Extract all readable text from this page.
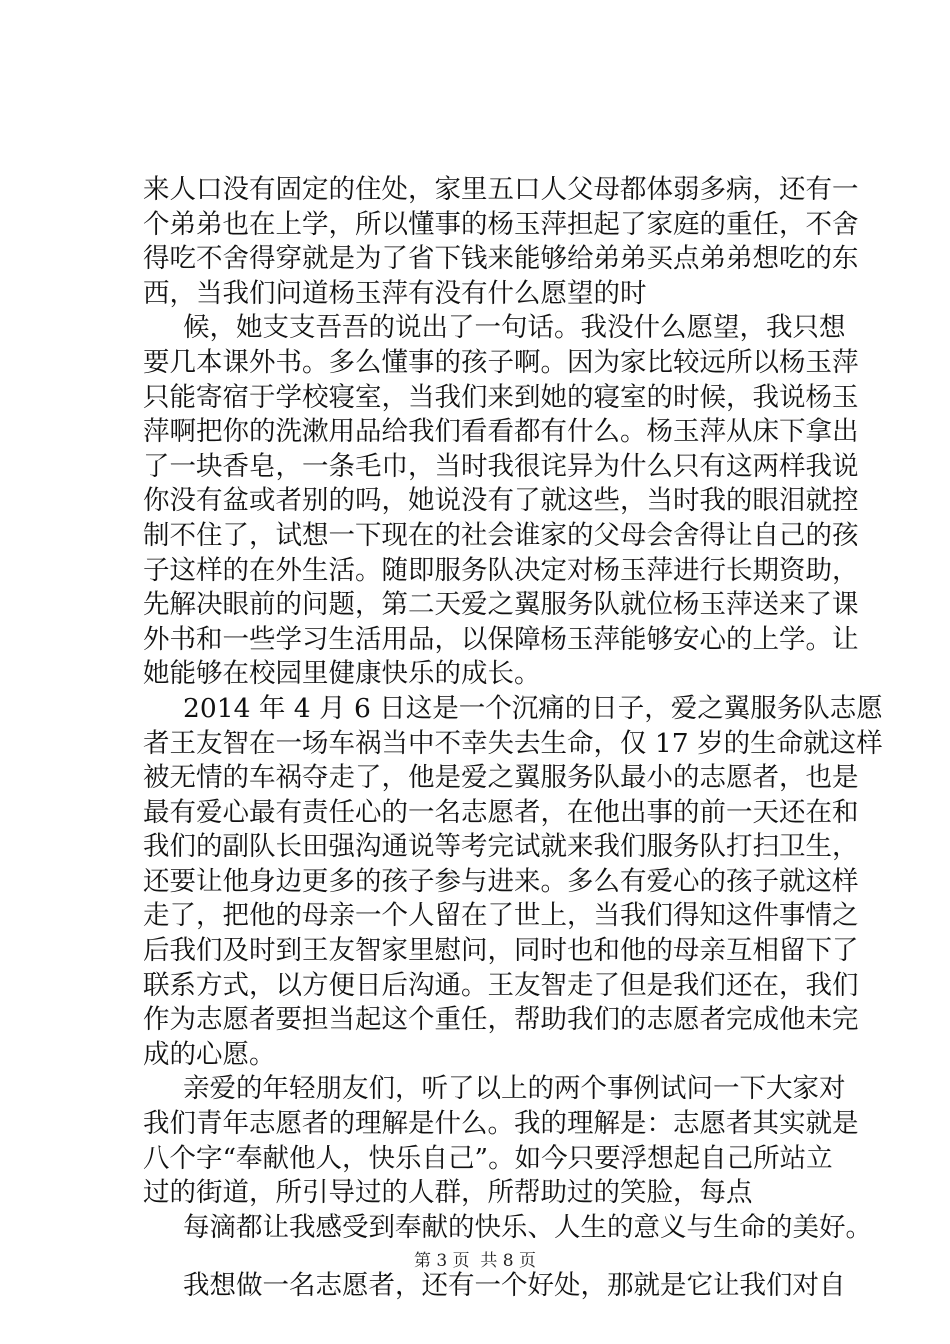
来人口没有固定的住处，家里五口人父母都体弱多病，还有一
个弟弟也在上学，所以懂事的杨玉萍担起了家庭的重任，不舍
得吃不舍得穿就是为了省下钱来能够给弟弟买点弟弟想吃的东
西，当我们问道杨玉萍有没有什么愿望的时
候，她支支吾吾的说出了一句话。我没什么愿望，我只想
要几本课外书。多么懂事的孩子啊。因为家比较远所以杨玉萍
只能寄宿于学校寝室，当我们来到她的寝室的时候，我说杨玉
萍啊把你的洗漱用品给我们看看都有什么。杨玉萍从床下拿出
了一块香皂，一条毛巾，当时我很诧异为什么只有这两样我说
你没有盆或者别的吗，她说没有了就这些，当时我的眼泪就控
制不住了，试想一下现在的社会谁家的父母会舍得让自己的孩
子这样的在外生活。随即服务队决定对杨玉萍进行长期资助，
先解决眼前的问题，第二天爱之翼服务队就位杨玉萍送来了课
外书和一些学习生活用品，以保障杨玉萍能够安心的上学。让
她能够在校园里健康快乐的成长。
2014 年 4 月 6 日这是一个沉痛的日子，爱之翼服务队志愿
者王友智在一场车祸当中不幸失去生命，仅 17 岁的生命就这样
被无情的车祸夺走了，他是爱之翼服务队最小的志愿者，也是
最有爱心最有责任心的一名志愿者，在他出事的前一天还在和
我们的副队长田强沟通说等考完试就来我们服务队打扫卫生，
还要让他身边更多的孩子参与进来。多么有爱心的孩子就这样
走了，把他的母亲一个人留在了世上，当我们得知这件事情之
后我们及时到王友智家里慰问，同时也和他的母亲互相留下了
联系方式，以方便日后沟通。王友智走了但是我们还在，我们
作为志愿者要担当起这个重任，帮助我们的志愿者完成他未完
成的心愿。
亲爱的年轻朋友们，听了以上的两个事例试问一下大家对
我们青年志愿者的理解是什么。我的理解是：志愿者其实就是
八个字“奉献他人，快乐自己”。如今只要浮想起自己所站立
过的街道，所引导过的人群，所帮助过的笑脸，每点
每滴都让我感受到奉献的快乐、人生的意义与生命的美好。
我想做一名志愿者，还有一个好处，那就是它让我们对自
第 3 页  共 8 页
